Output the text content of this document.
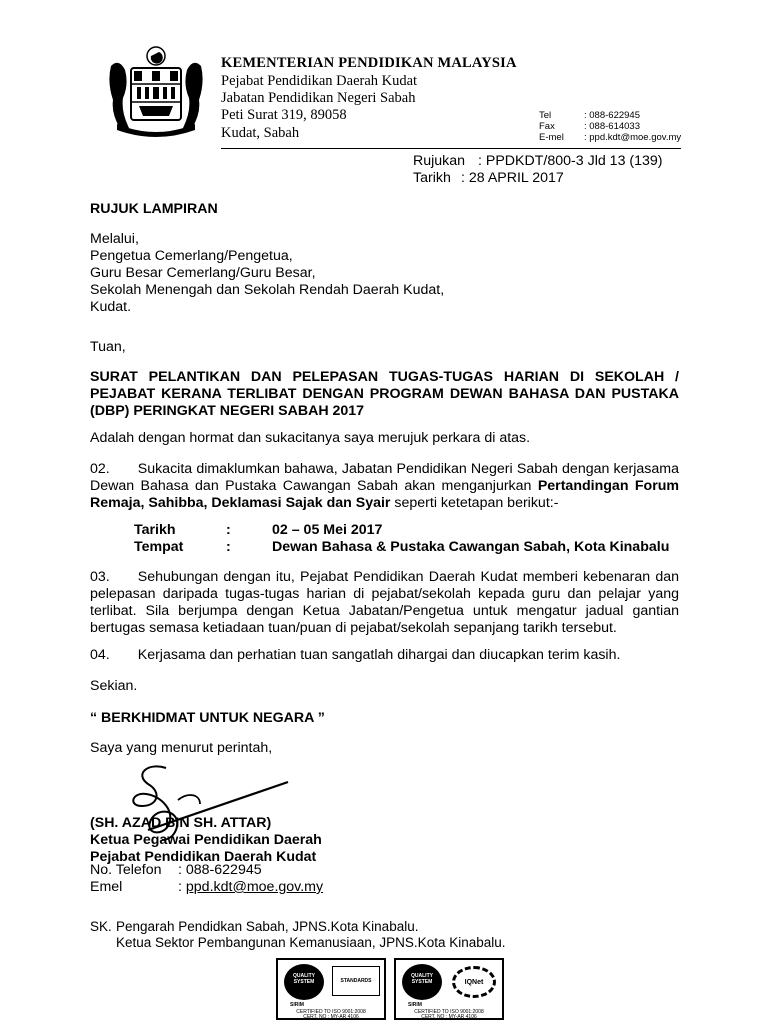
KEMENTERIAN PENDIDIKAN MALAYSIA
Pejabat Pendidikan Daerah Kudat
Jabatan Pendidikan Negeri Sabah
Peti Surat 319, 89058
Kudat, Sabah
Tel	: 088-622945
Fax	: 088-614033
E-mel : ppd.kdt@moe.gov.my
Rujukan : PPDKDT/800-3 Jld 13 (139)
Tarikh : 28 APRIL 2017
RUJUK LAMPIRAN
Melalui,
Pengetua Cemerlang/Pengetua,
Guru Besar Cemerlang/Guru Besar,
Sekolah Menengah dan Sekolah Rendah Daerah Kudat,
Kudat.
Tuan,
SURAT PELANTIKAN DAN PELEPASAN TUGAS-TUGAS HARIAN DI SEKOLAH / PEJABAT KERANA TERLIBAT DENGAN PROGRAM DEWAN BAHASA DAN PUSTAKA (DBP) PERINGKAT NEGERI SABAH 2017
Adalah dengan hormat dan sukacitanya saya merujuk perkara di atas.
02. Sukacita dimaklumkan bahawa, Jabatan Pendidikan Negeri Sabah dengan kerjasama Dewan Bahasa dan Pustaka Cawangan Sabah akan menganjurkan Pertandingan Forum Remaja, Sahibba, Deklamasi Sajak dan Syair seperti ketetapan berikut:-
Tarikh	:	02 – 05 Mei 2017
Tempat	:	Dewan Bahasa & Pustaka Cawangan Sabah, Kota Kinabalu
03. Sehubungan dengan itu, Pejabat Pendidikan Daerah Kudat memberi kebenaran dan pelepasan daripada tugas-tugas harian di pejabat/sekolah kepada guru dan pelajar yang terlibat. Sila berjumpa dengan Ketua Jabatan/Pengetua untuk mengatur jadual gantian bertugas semasa ketiadaan tuan/puan di pejabat/sekolah sepanjang tarikh tersebut.
04. Kerjasama dan perhatian tuan sangatlah dihargai dan diucapkan terim kasih.
Sekian.
“ BERKHIDMAT UNTUK NEGARA ”
Saya yang menurut perintah,
(SH. AZAD BIN SH. ATTAR)
Ketua Pegawai Pendidikan Daerah
Pejabat Pendidikan Daerah Kudat
No. Telefon : 088-622945
Emel	: ppd.kdt@moe.gov.my
SK. Pengarah Pendidkan Sabah, JPNS.Kota Kinabalu.
Ketua Sektor Pembangunan Kemanusiaan, JPNS.Kota Kinabalu.
QUALITY
SYSTEM	STANDARDS
SIRIM
CERTIFIED TO ISO 9001:2008
CERT. NO : MY-AR 4106
QUALITY
SYSTEM	IQNet
SIRIM
CERTIFIED TO ISO 9001:2008
CERT. NO : MY-AR 4106
